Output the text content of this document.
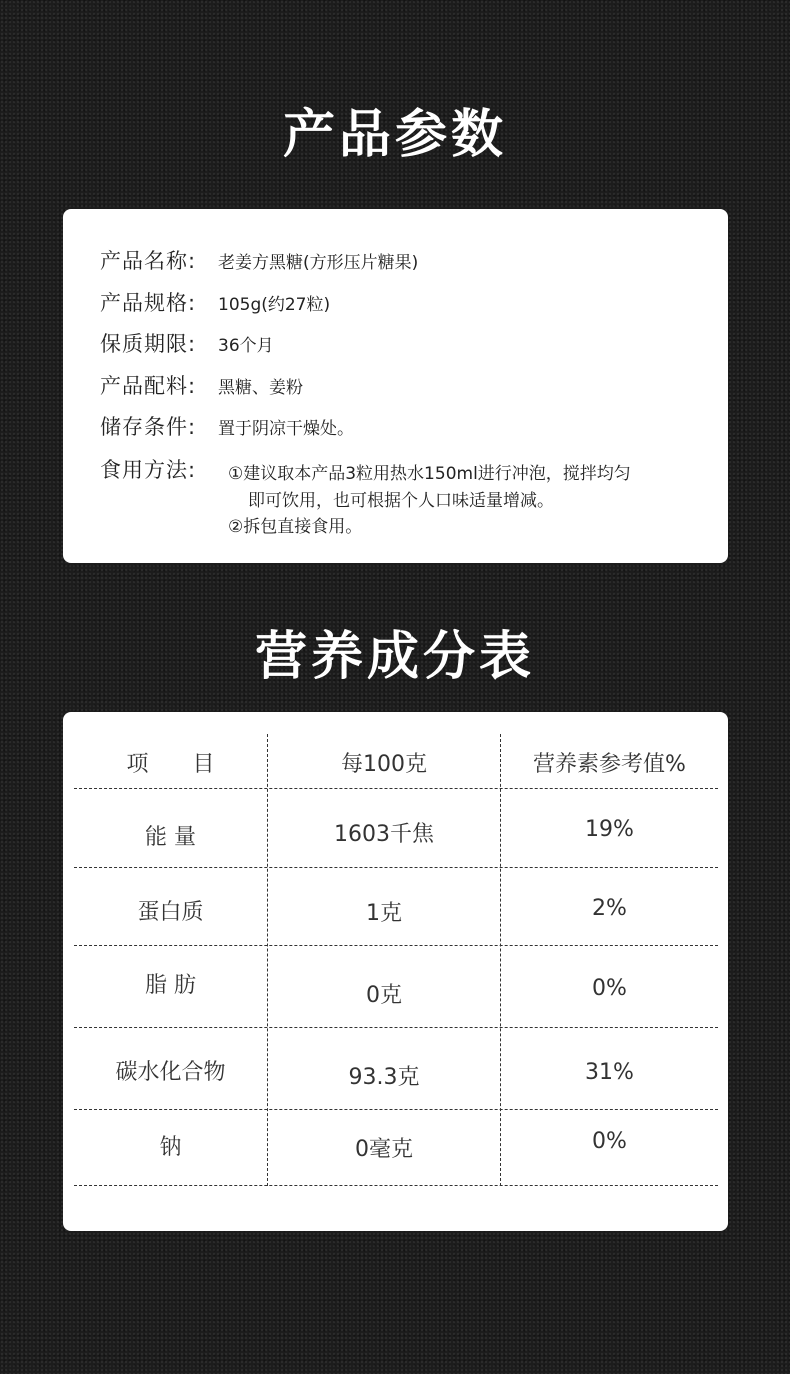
产品参数
产品名称:	老姜方黑糖(方形压片糖果)
产品规格:	105g(约27粒)
保质期限:	36个月
产品配料:	黑糖、姜粉
储存条件:	置于阴凉干燥处。
食用方法:	①建议取本产品3粒用热水150ml进行冲泡，搅拌均匀
即可饮用，也可根据个人口味适量增减。
②拆包直接食用。
营养成分表
项　　目	每100克	营养素参考值%
能 量	1603千焦	19%
蛋白质	1克	2%
脂 肪	0克	0%
碳水化合物	93.3克	31%
钠	0毫克	0%
